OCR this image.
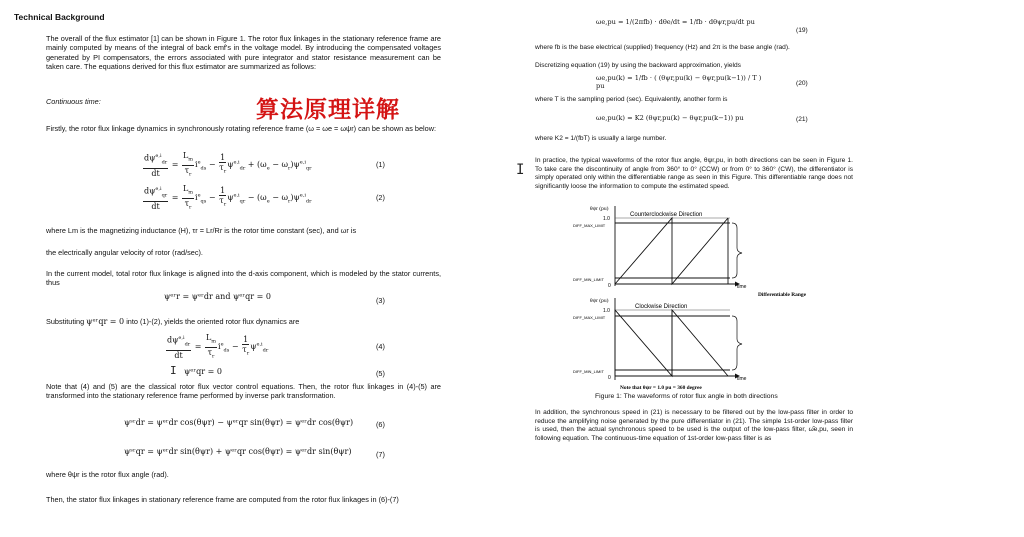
Technical Background
The overall of the flux estimator [1] can be shown in Figure 1. The rotor flux linkages in the stationary reference frame are mainly computed by means of the integral of back emf's in the voltage model. By introducing the compensated voltages generated by PI compensators, the errors associated with pure integrator and stator resistance measurement can be taken care. The equations derived for this flux estimator are summarized as follows:
Continuous time:	算法原理详解
Firstly, the rotor flux linkage dynamics in synchronously rotating reference frame (ω = ωe = ωψr) can be shown as below:
$\frac{d\psi^{e,i}_{dr}}{dt} = \frac{L_m}{\tau_r} i^e_{ds} - \frac{1}{\tau_r} \psi^{e,i}_{dr} + (\omega_e - \omega_r)\psi^{e,i}_{qr}$	(1)
$\frac{d\psi^{e,i}_{qr}}{dt} = \frac{L_m}{\tau_r} i^e_{qs} - \frac{1}{\tau_r} \psi^{e,i}_{qr} - (\omega_e - \omega_r)\psi^{e,i}_{dr}$	(2)
where Lm is the magnetizing inductance (H), τr = Lr/Rr is the rotor time constant (sec), and ωr is
the electrically angular velocity of rotor (rad/sec).
In the current model, total rotor flux linkage is aligned into the d-axis component, which is modeled by the stator currents, thus
ψᵉʳr = ψᵉʳdr and ψᵉʳqr = 0	(3)
Substituting ψᵉʳqr = 0 into (1)-(2), yields the oriented rotor flux dynamics are
$\frac{d\psi^{e,i}_{dr}}{dt} = \frac{L_m}{\tau_r} i^e_{ds} - \frac{1}{\tau_r} \psi^{e,i}_{dr}$	(4)
ψᵉʳqr = 0	(5)
I
Note that (4) and (5) are the classical rotor flux vector control equations. Then, the rotor flux linkages in (4)-(5) are transformed into the stationary reference frame performed by inverse park transformation.
ψˢʳdr = ψᵉʳdr cos(θψr) − ψᵉʳqr sin(θψr) = ψᵉʳdr cos(θψr)	(6)
ψˢʳqr = ψᵉʳdr sin(θψr) + ψᵉʳqr cos(θψr) = ψᵉʳdr sin(θψr)	(7)
where θψr is the rotor flux angle (rad).
Then, the stator flux linkages in stationary reference frame are computed from the rotor flux linkages in (6)-(7)
ωe,pu = 1/(2πfb) · dθe/dt = 1/fb · dθψr,pu/dt pu
(19)
where fb is the base electrical (supplied) frequency (Hz) and 2π is the base angle (rad).
Discretizing equation (19) by using the backward approximation, yields
ωe,pu(k) = 1/fb · ( (θψr,pu(k) − θψr,pu(k−1)) / T ) pu	(20)
where T is the sampling period (sec). Equivalently, another form is
ωe,pu(k) = K2 (θψr,pu(k) − θψr,pu(k−1)) pu	(21)
where K2 = 1/(fbT) is usually a large number.
I
In practice, the typical waveforms of the rotor flux angle, θψr,pu, in both directions can be seen in Figure 1. To take care the discontinuity of angle from 360° to 0° (CCW) or from 0° to 360° (CW), the differentiator is simply operated only within the differentiable range as seen in this Figure. This differentiable range does not significantly loose the information to compute the estimated speed.
θψr (pu)
1.0
DIFF_MAX_LIMIT
DIFF_MIN_LIMIT
0	time
Counterclockwise Direction
θψr (pu)
1.0
DIFF_MAX_LIMIT
DIFF_MIN_LIMIT
0	time
Clockwise Direction
Differentiable Range
Note that θψr = 1.0 pu = 360 degree
Figure 1: The waveforms of rotor flux angle in both directions
In addition, the synchronous speed in (21) is necessary to be filtered out by the low-pass filter in order to reduce the amplifying noise generated by the pure differentiator in (21). The simple 1st-order low-pass filter is used, then the actual synchronous speed to be used is the output of the low-pass filter, ω̂e,pu, seen in following equation. The continuous-time equation of 1st-order low-pass filter is as
